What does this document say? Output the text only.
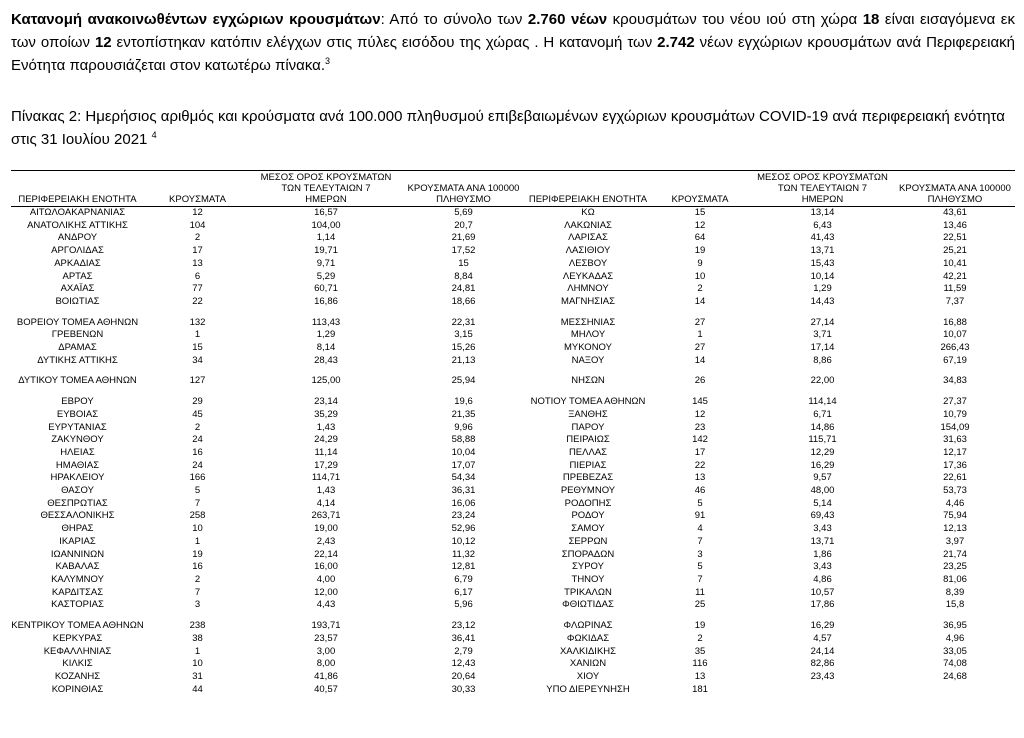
Κατανομή ανακοινωθέντων εγχώριων κρουσμάτων: Από το σύνολο των 2.760 νέων κρουσμάτων του νέου ιού στη χώρα 18 είναι εισαγόμενα εκ των οποίων 12 εντοπίστηκαν κατόπιν ελέγχων στις πύλες εισόδου της χώρας . Η κατανομή των 2.742 νέων εγχώριων κρουσμάτων ανά Περιφερειακή Ενότητα παρουσιάζεται στον κατωτέρω πίνακα.$^3$
Πίνακας 2: Ημερήσιος αριθμός και κρούσματα ανά 100.000 πληθυσμού επιβεβαιωμένων εγχώριων κρουσμάτων COVID-19 ανά περιφερειακή ενότητα στις 31 Ιουλίου 2021 $^4$
ΠΕΡΙΦΕΡΕΙΑΚΗ ΕΝΟΤΗΤΑ	ΚΡΟΥΣΜΑΤΑ	ΜΕΣΟΣ ΟΡΟΣ ΚΡΟΥΣΜΑΤΩΝ
ΤΩΝ ΤΕΛΕΥΤΑΙΩΝ 7
ΗΜΕΡΩΝ	ΚΡΟΥΣΜΑΤΑ ΑΝΑ 100000
ΠΛΗΘΥΣΜΟ	ΠΕΡΙΦΕΡΕΙΑΚΗ ΕΝΟΤΗΤΑ	ΚΡΟΥΣΜΑΤΑ	ΜΕΣΟΣ ΟΡΟΣ ΚΡΟΥΣΜΑΤΩΝ
ΤΩΝ ΤΕΛΕΥΤΑΙΩΝ 7
ΗΜΕΡΩΝ	ΚΡΟΥΣΜΑΤΑ ΑΝΑ 100000
ΠΛΗΘΥΣΜΟ
ΑΙΤΩΛΟΑΚΑΡΝΑΝΙΑΣ	12	16,57	5,69	ΚΩ	15	13,14	43,61
ΑΝΑΤΟΛΙΚΗΣ ΑΤΤΙΚΗΣ	104	104,00	20,7	ΛΑΚΩΝΙΑΣ	12	6,43	13,46
ΑΝΔΡΟΥ	2	1,14	21,69	ΛΑΡΙΣΑΣ	64	41,43	22,51
ΑΡΓΟΛΙΔΑΣ	17	19,71	17,52	ΛΑΣΙΘΙΟΥ	19	13,71	25,21
ΑΡΚΑΔΙΑΣ	13	9,71	15	ΛΕΣΒΟΥ	9	15,43	10,41
ΑΡΤΑΣ	6	5,29	8,84	ΛΕΥΚΑΔΑΣ	10	10,14	42,21
ΑΧΑΪΑΣ	77	60,71	24,81	ΛΗΜΝΟΥ	2	1,29	11,59
ΒΟΙΩΤΙΑΣ	22	16,86	18,66	ΜΑΓΝΗΣΙΑΣ	14	14,43	7,37

ΒΟΡΕΙΟΥ ΤΟΜΕΑ ΑΘΗΝΩΝ	132	113,43	22,31	ΜΕΣΣΗΝΙΑΣ	27	27,14	16,88
ΓΡΕΒΕΝΩΝ	1	1,29	3,15	ΜΗΛΟΥ	1	3,71	10,07
ΔΡΑΜΑΣ	15	8,14	15,26	ΜΥΚΟΝΟΥ	27	17,14	266,43
ΔΥΤΙΚΗΣ ΑΤΤΙΚΗΣ	34	28,43	21,13	ΝΑΞΟΥ	14	8,86	67,19

ΔΥΤΙΚΟΥ ΤΟΜΕΑ ΑΘΗΝΩΝ	127	125,00	25,94	ΝΗΣΩΝ	26	22,00	34,83

ΕΒΡΟΥ	29	23,14	19,6	ΝΟΤΙΟΥ ΤΟΜΕΑ ΑΘΗΝΩΝ	145	114,14	27,37
ΕΥΒΟΙΑΣ	45	35,29	21,35	ΞΑΝΘΗΣ	12	6,71	10,79
ΕΥΡΥΤΑΝΙΑΣ	2	1,43	9,96	ΠΑΡΟΥ	23	14,86	154,09
ΖΑΚΥΝΘΟΥ	24	24,29	58,88	ΠΕΙΡΑΙΩΣ	142	115,71	31,63
ΗΛΕΙΑΣ	16	11,14	10,04	ΠΕΛΛΑΣ	17	12,29	12,17
ΗΜΑΘΙΑΣ	24	17,29	17,07	ΠΙΕΡΙΑΣ	22	16,29	17,36
ΗΡΑΚΛΕΙΟΥ	166	114,71	54,34	ΠΡΕΒΕΖΑΣ	13	9,57	22,61
ΘΑΣΟΥ	5	1,43	36,31	ΡΕΘΥΜΝΟΥ	46	48,00	53,73
ΘΕΣΠΡΩΤΙΑΣ	7	4,14	16,06	ΡΟΔΟΠΗΣ	5	5,14	4,46
ΘΕΣΣΑΛΟΝΙΚΗΣ	258	263,71	23,24	ΡΟΔΟΥ	91	69,43	75,94
ΘΗΡΑΣ	10	19,00	52,96	ΣΑΜΟΥ	4	3,43	12,13
ΙΚΑΡΙΑΣ	1	2,43	10,12	ΣΕΡΡΩΝ	7	13,71	3,97
ΙΩΑΝΝΙΝΩΝ	19	22,14	11,32	ΣΠΟΡΑΔΩΝ	3	1,86	21,74
ΚΑΒΑΛΑΣ	16	16,00	12,81	ΣΥΡΟΥ	5	3,43	23,25
ΚΑΛΥΜΝΟΥ	2	4,00	6,79	ΤΗΝΟΥ	7	4,86	81,06
ΚΑΡΔΙΤΣΑΣ	7	12,00	6,17	ΤΡΙΚΑΛΩΝ	11	10,57	8,39
ΚΑΣΤΟΡΙΑΣ	3	4,43	5,96	ΦΘΙΩΤΙΔΑΣ	25	17,86	15,8

ΚΕΝΤΡΙΚΟΥ ΤΟΜΕΑ ΑΘΗΝΩΝ	238	193,71	23,12	ΦΛΩΡΙΝΑΣ	19	16,29	36,95
ΚΕΡΚΥΡΑΣ	38	23,57	36,41	ΦΩΚΙΔΑΣ	2	4,57	4,96
ΚΕΦΑΛΛΗΝΙΑΣ	1	3,00	2,79	ΧΑΛΚΙΔΙΚΗΣ	35	24,14	33,05
ΚΙΛΚΙΣ	10	8,00	12,43	ΧΑΝΙΩΝ	116	82,86	74,08
ΚΟΖΑΝΗΣ	31	41,86	20,64	ΧΙΟΥ	13	23,43	24,68
ΚΟΡΙΝΘΙΑΣ	44	40,57	30,33	ΥΠΟ ΔΙΕΡΕΥΝΗΣΗ	181		
